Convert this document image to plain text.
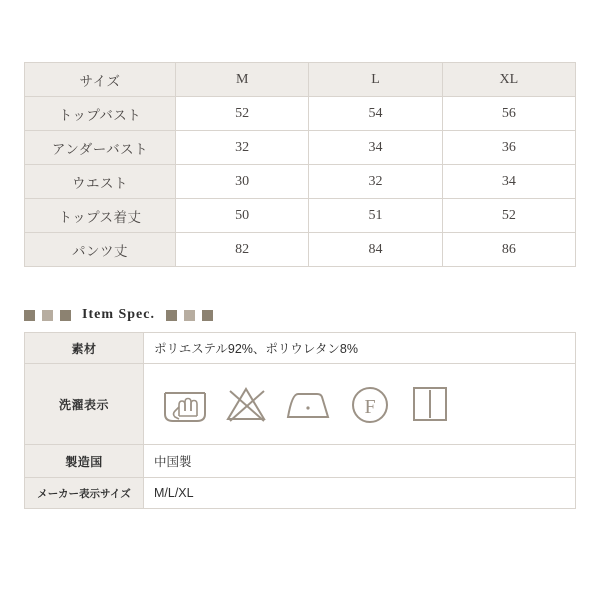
サイズ	M	L	XL
トップバスト	52	54	56
アンダーバスト	32	34	36
ウエスト	30	32	34
トップス着丈	50	51	52
パンツ丈	82	84	86
Item Spec.
素材	ポリエステル92%、ポリウレタン8%
洗濯表示	F

製造国	中国製
メーカー表示サイズ	M/L/XL
